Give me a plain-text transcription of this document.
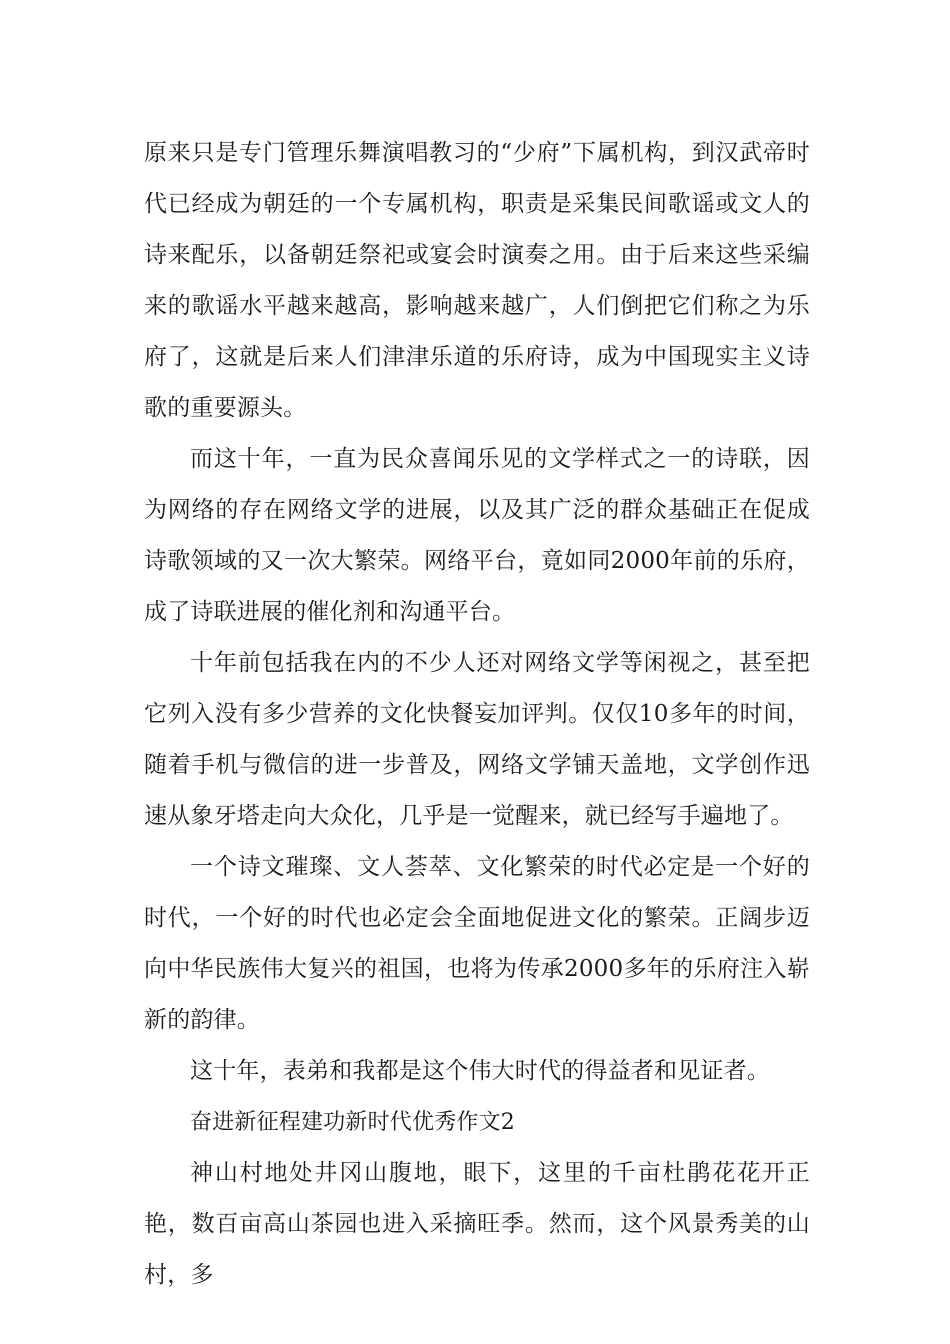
原来只是专门管理乐舞演唱教习的“少府”下属机构，到汉武帝时代已经成为朝廷的一个专属机构，职责是采集民间歌谣或文人的诗来配乐，以备朝廷祭祀或宴会时演奏之用。由于后来这些采编来的歌谣水平越来越高，影响越来越广，人们倒把它们称之为乐府了，这就是后来人们津津乐道的乐府诗，成为中国现实主义诗歌的重要源头。

而这十年，一直为民众喜闻乐见的文学样式之一的诗联，因为网络的存在网络文学的进展，以及其广泛的群众基础正在促成诗歌领域的又一次大繁荣。网络平台，竟如同2000年前的乐府，成了诗联进展的催化剂和沟通平台。

十年前包括我在内的不少人还对网络文学等闲视之，甚至把它列入没有多少营养的文化快餐妄加评判。仅仅10多年的时间，随着手机与微信的进一步普及，网络文学铺天盖地，文学创作迅速从象牙塔走向大众化，几乎是一觉醒来，就已经写手遍地了。

一个诗文璀璨、文人荟萃、文化繁荣的时代必定是一个好的时代，一个好的时代也必定会全面地促进文化的繁荣。正阔步迈向中华民族伟大复兴的祖国，也将为传承2000多年的乐府注入崭新的韵律。

这十年，表弟和我都是这个伟大时代的得益者和见证者。

奋进新征程建功新时代优秀作文2

神山村地处井冈山腹地，眼下，这里的千亩杜鹃花花开正艳，数百亩高山茶园也进入采摘旺季。然而，这个风景秀美的山村，多
